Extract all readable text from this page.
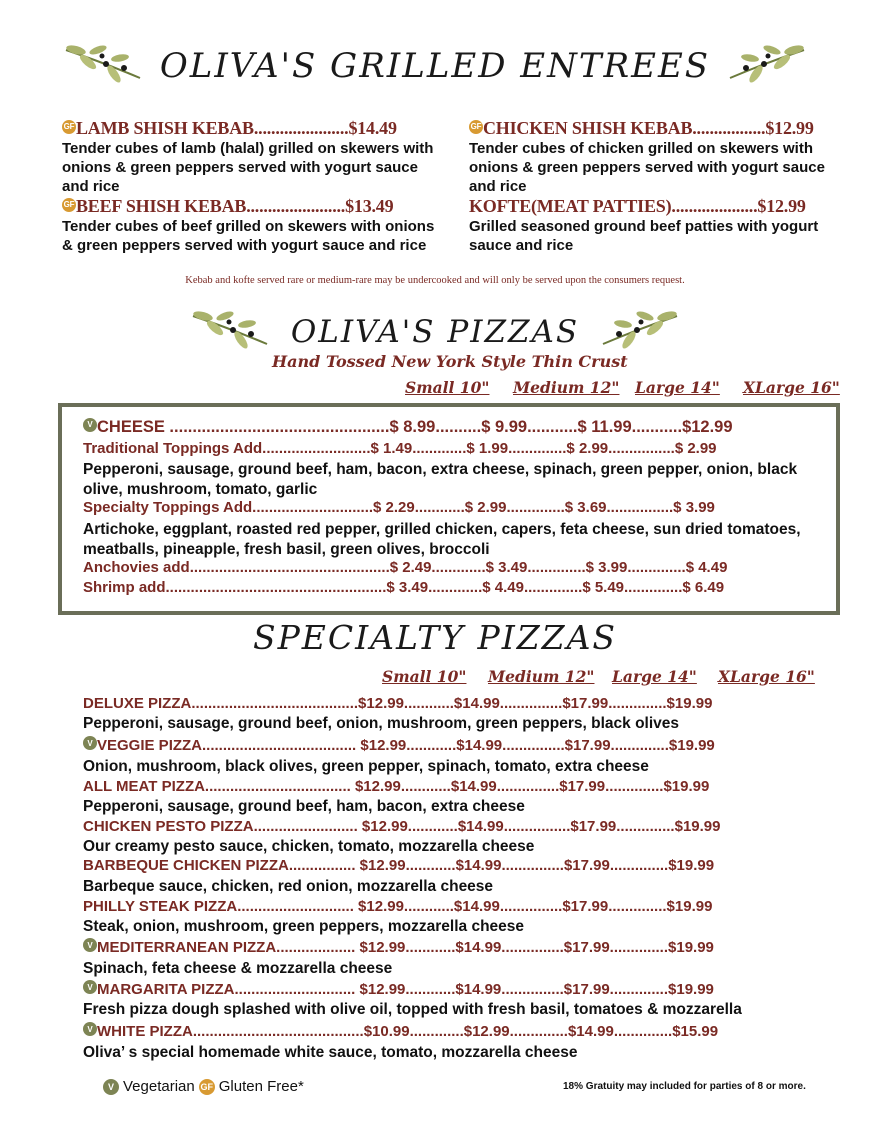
OLIVA'S GRILLED ENTREES
GFLAMB SHISH KEBAB......................$14.49
Tender cubes of lamb (halal) grilled on skewers with onions & green peppers served with yogurt sauce and rice
GFBEEF SHISH KEBAB.......................$13.49
Tender cubes of beef grilled on skewers with onions & green peppers served with yogurt sauce and rice
GFCHICKEN SHISH KEBAB.................$12.99
Tender cubes of chicken grilled on skewers with onions & green peppers served with yogurt sauce and rice
KOFTE(MEAT PATTIES)....................$12.99
Grilled seasoned ground beef patties with yogurt sauce and rice
Kebab and kofte served rare or medium-rare may be undercooked and will only be served upon the consumers request.
OLIVA'S PIZZAS
Hand Tossed New York Style Thin Crust
Small 10"	Medium 12"	Large 14"	XLarge 16"
V CHEESE ................................................$ 8.99..........$ 9.99...........$ 11.99...........$12.99
Traditional Toppings Add..........................$ 1.49.............$ 1.99..............$ 2.99................$ 2.99
Pepperoni, sausage, ground beef, ham, bacon, extra cheese, spinach, green pepper, onion, black olive, mushroom, tomato, garlic
Specialty Toppings Add.............................$ 2.29............$ 2.99..............$ 3.69................$ 3.99
Artichoke, eggplant, roasted red pepper, grilled chicken, capers, feta cheese, sun dried tomatoes, meatballs, pineapple, fresh basil, green olives, broccoli
Anchovies add................................................$ 2.49.............$ 3.49..............$ 3.99..............$ 4.49
Shrimp add.....................................................$ 3.49.............$ 4.49..............$ 5.49..............$ 6.49
SPECIALTY PIZZAS
Small 10"	Medium 12"	Large 14"	XLarge 16"
DELUXE PIZZA........................................$12.99............$14.99...............$17.99..............$19.99
Pepperoni, sausage, ground beef, onion, mushroom, green peppers, black olives
V VEGGIE PIZZA..................................... $12.99............$14.99...............$17.99..............$19.99
Onion, mushroom, black olives, green pepper, spinach, tomato, extra cheese
ALL MEAT PIZZA................................... $12.99............$14.99...............$17.99..............$19.99
Pepperoni, sausage, ground beef, ham, bacon, extra cheese
CHICKEN PESTO PIZZA......................... $12.99............$14.99................$17.99..............$19.99
Our creamy pesto sauce, chicken, tomato, mozzarella cheese
BARBEQUE CHICKEN PIZZA................ $12.99............$14.99...............$17.99..............$19.99
Barbeque sauce, chicken, red onion, mozzarella cheese
PHILLY STEAK PIZZA............................ $12.99............$14.99...............$17.99..............$19.99
Steak, onion, mushroom, green peppers, mozzarella cheese
V MEDITERRANEAN PIZZA................... $12.99............$14.99...............$17.99..............$19.99
Spinach, feta cheese & mozzarella cheese
V MARGARITA PIZZA............................. $12.99............$14.99...............$17.99..............$19.99
Fresh pizza dough splashed with olive oil, topped with fresh basil, tomatoes & mozzarella
V WHITE PIZZA.........................................$10.99.............$12.99..............$14.99..............$15.99
Oliva’ s special homemade white sauce, tomato, mozzarella cheese
V Vegetarian GF Gluten Free*	18% Gratuity may included for parties of 8 or more.
